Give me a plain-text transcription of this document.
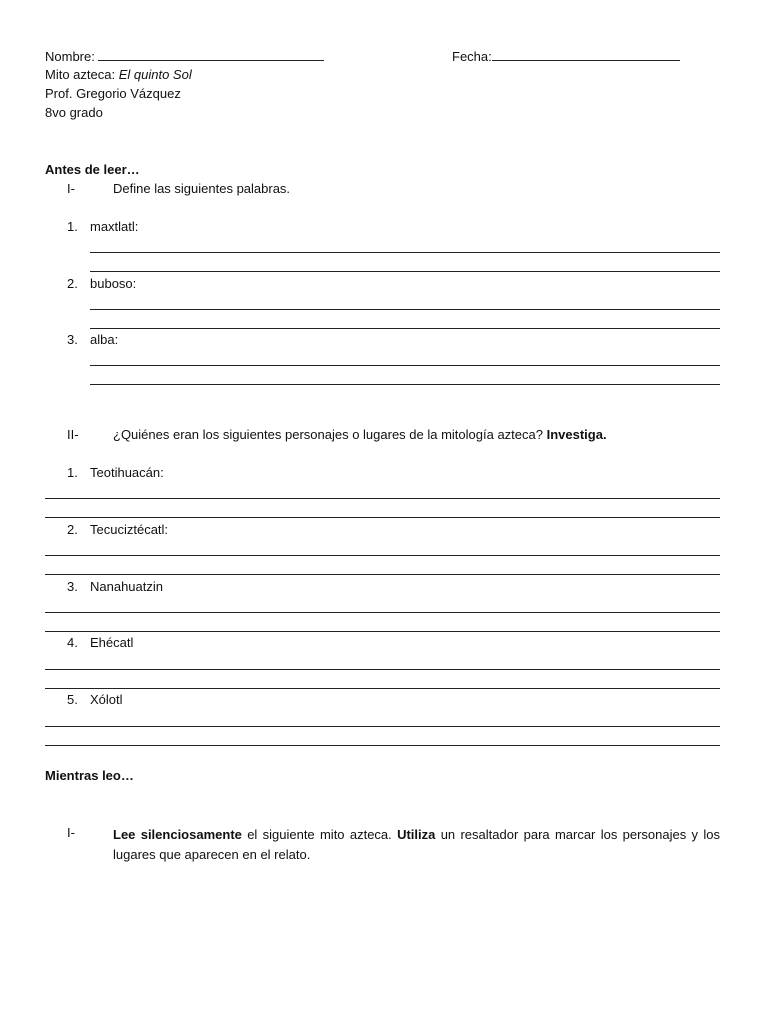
Nombre:	Fecha:
Mito azteca: El quinto Sol
Prof. Gregorio Vázquez
8vo grado
Antes de leer…
I-	Define las siguientes palabras.
1. maxtlatl:
2. buboso:
3. alba:
II-	¿Quiénes eran los siguientes personajes o lugares de la mitología azteca? Investiga.
1. Teotihuacán:
2. Tecuciztécatl:
3. Nanahuatzin
4. Ehécatl
5. Xólotl
Mientras leo…
I-	Lee silenciosamente el siguiente mito azteca. Utiliza un resaltador para marcar los personajes y los lugares que aparecen en el relato.
